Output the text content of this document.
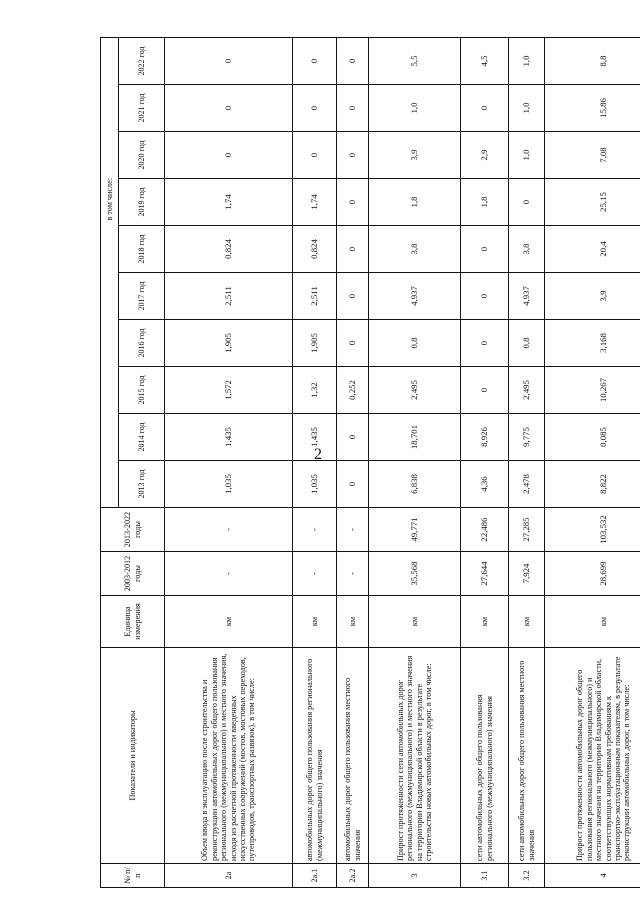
2
№ п/п	Показатели и индикаторы	Единица измерения	2003-2012 годы	2013-2022 годы	в том числе:									
					2013 год	2014 год	2015 год	2016 год	2017 год	2018 год	2019 год	2020 год	2021 год	2022 год
2а	Объем ввода в эксплуатацию после строительства и реконструкции автомобильных дорог общего пользования регионального (межмуниципального) и местного значения, исходя из расчетной протяженности введенных искусственных сооружений (мостов, мостовых переходов, путепроводов, транспортных развязок), в том числе:	км	-	-	1,035	1,435	1,572	1,905	2,511	0,824	1,74	0	0	0
2а.1	автомобильных дорог общего пользования регионального (межмуниципального) значения	км	-	-	1,035	1,435	1,32	1,905	2,511	0,824	1,74	0	0	0
2а.2	автомобильных дорог общего пользования местного значения	км	-	-	0	0	0,252	0	0	0	0	0	0	0
3	Прирост протяженности сети автомобильных дорог регионального (межмуниципального) и местного значения на территории Владимирской области в результате строительства новых автомобильных дорог, в том числе:	км	35,568	49,771	6,838	18,701	2,495	0,8	4,937	3,8	1,8	3,9	1,0	5,5
3.1	сети автомобильных дорог общего пользования регионального (межмуниципального) значения	км	27,644	22,486	4,36	8,926	0	0	0	0	1,8	2,9	0	4,5
3.2	сети автомобильных дорог общего пользования местного значения	км	7,924	27,285	2,478	9,775	2,495	0,8	4,937	3,8	0	1,0	1,0	1,0
4	Прирост протяженности автомобильных дорог общего пользования регионального (межмуниципального) и местного значения на территории Владимирской области, соответствующих нормативным требованиям к транспортно-эксплуатационным показателям, в результате реконструкции автомобильных дорог, в том числе:	км	28,699	103,532	8,822	0,085	10,267	3,168	3,9	20,4	25,15	7,08	15,86	8,8
